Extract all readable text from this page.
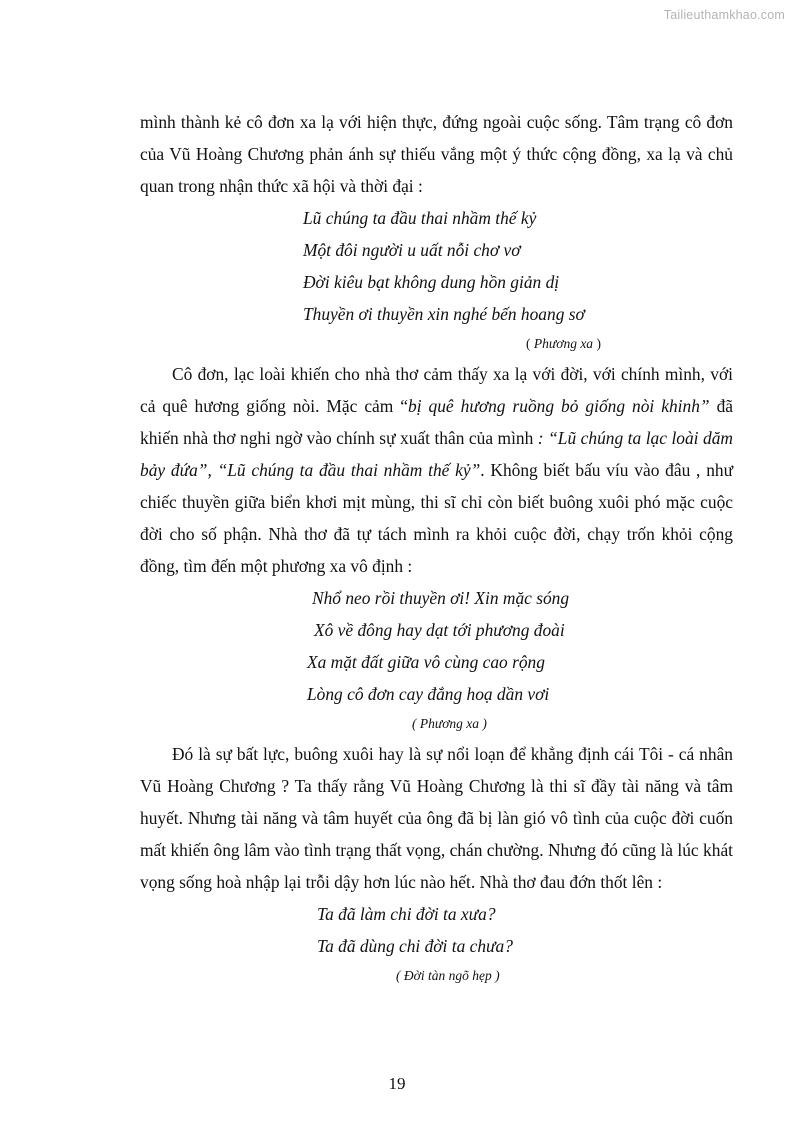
Tailieuthamkhao.com

mình thành kẻ cô đơn xa lạ với hiện thực, đứng ngoài cuộc sống. Tâm trạng cô đơn của Vũ Hoàng Chương phản ánh sự thiếu vắng một ý thức cộng đồng, xa lạ và chủ quan trong nhận thức xã hội và thời đại :

Lũ chúng ta đầu thai nhầm thế kỷ
Một đôi người u uất nỗi chơ vơ
Đời kiêu bạt không dung hồn giản dị
Thuyền ơi thuyền xin nghé bến hoang sơ
( Phương xa )

Cô đơn, lạc loài khiến cho nhà thơ cảm thấy xa lạ với đời, với chính mình, với cả quê hương giống nòi. Mặc cảm “bị quê hương ruồng bỏ giống nòi khinh” đã khiến nhà thơ nghi ngờ vào chính sự xuất thân của mình : “Lũ chúng ta lạc loài dăm bảy đứa”, “Lũ chúng ta đầu thai nhầm thế kỷ”. Không biết bấu víu vào đâu , như chiếc thuyền giữa biển khơi mịt mùng, thi sĩ chỉ còn biết buông xuôi phó mặc cuộc đời cho số phận. Nhà thơ đã tự tách mình ra khỏi cuộc đời, chạy trốn khỏi cộng đồng, tìm đến một phương xa vô định :

Nhổ neo rồi thuyền ơi! Xin mặc sóng
Xô về đông hay dạt tới phương đoài
Xa mặt đất giữa vô cùng cao rộng
Lòng cô đơn cay đắng hoạ dần vơi
( Phương xa )

Đó là sự bất lực, buông xuôi hay là sự nổi loạn để khẳng định cái Tôi - cá nhân Vũ Hoàng Chương ? Ta thấy rằng Vũ Hoàng Chương là thi sĩ đầy tài năng và tâm huyết. Nhưng tài năng và tâm huyết của ông đã bị làn gió vô tình của cuộc đời cuốn mất khiến ông lâm vào tình trạng thất vọng, chán chường. Nhưng đó cũng là lúc khát vọng sống hoà nhập lại trỗi dậy hơn lúc nào hết. Nhà thơ đau đớn thốt lên :

Ta đã làm chi đời ta xưa?
Ta đã dùng chi đời ta chưa?
( Đời tàn ngõ hẹp )
19
